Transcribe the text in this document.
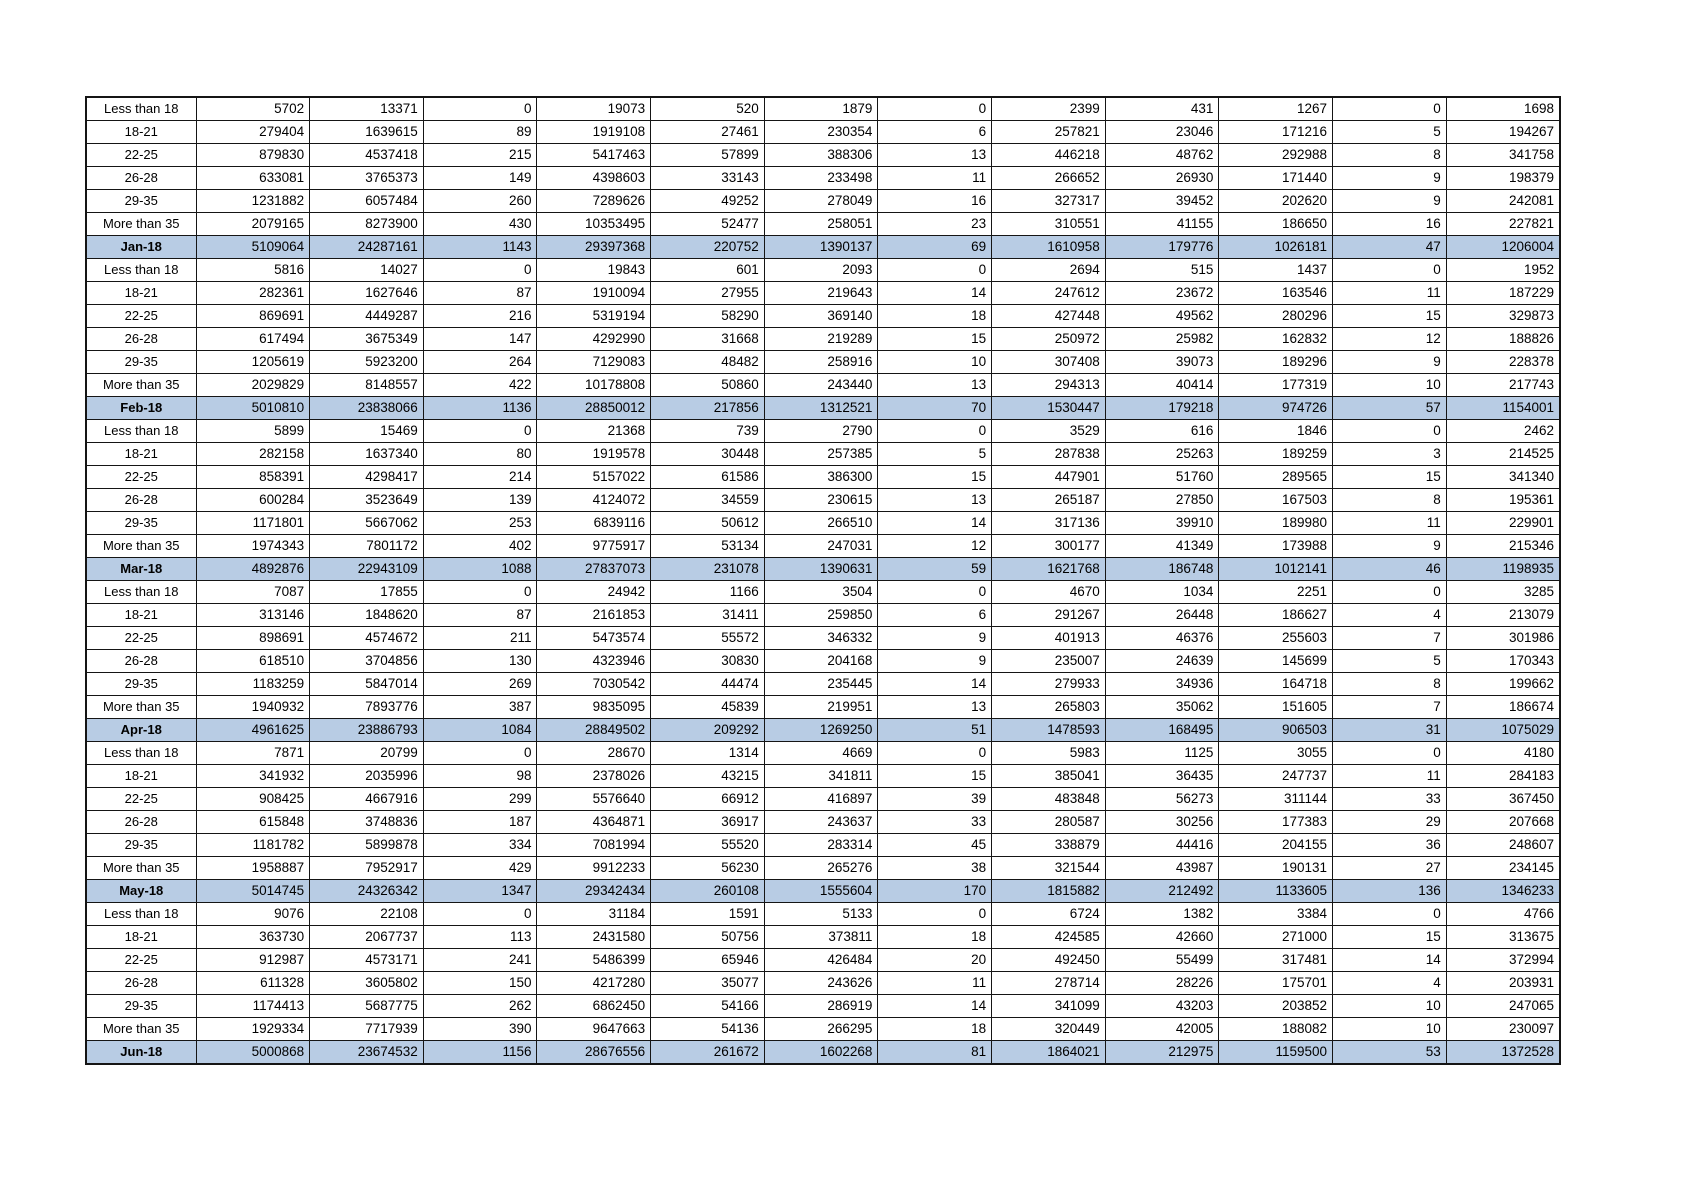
Less than 18	5702	13371	0	19073	520	1879	0	2399	431	1267	0	1698
18-21	279404	1639615	89	1919108	27461	230354	6	257821	23046	171216	5	194267
22-25	879830	4537418	215	5417463	57899	388306	13	446218	48762	292988	8	341758
26-28	633081	3765373	149	4398603	33143	233498	11	266652	26930	171440	9	198379
29-35	1231882	6057484	260	7289626	49252	278049	16	327317	39452	202620	9	242081
More than 35	2079165	8273900	430	10353495	52477	258051	23	310551	41155	186650	16	227821
Jan-18	5109064	24287161	1143	29397368	220752	1390137	69	1610958	179776	1026181	47	1206004
Less than 18	5816	14027	0	19843	601	2093	0	2694	515	1437	0	1952
18-21	282361	1627646	87	1910094	27955	219643	14	247612	23672	163546	11	187229
22-25	869691	4449287	216	5319194	58290	369140	18	427448	49562	280296	15	329873
26-28	617494	3675349	147	4292990	31668	219289	15	250972	25982	162832	12	188826
29-35	1205619	5923200	264	7129083	48482	258916	10	307408	39073	189296	9	228378
More than 35	2029829	8148557	422	10178808	50860	243440	13	294313	40414	177319	10	217743
Feb-18	5010810	23838066	1136	28850012	217856	1312521	70	1530447	179218	974726	57	1154001
Less than 18	5899	15469	0	21368	739	2790	0	3529	616	1846	0	2462
18-21	282158	1637340	80	1919578	30448	257385	5	287838	25263	189259	3	214525
22-25	858391	4298417	214	5157022	61586	386300	15	447901	51760	289565	15	341340
26-28	600284	3523649	139	4124072	34559	230615	13	265187	27850	167503	8	195361
29-35	1171801	5667062	253	6839116	50612	266510	14	317136	39910	189980	11	229901
More than 35	1974343	7801172	402	9775917	53134	247031	12	300177	41349	173988	9	215346
Mar-18	4892876	22943109	1088	27837073	231078	1390631	59	1621768	186748	1012141	46	1198935
Less than 18	7087	17855	0	24942	1166	3504	0	4670	1034	2251	0	3285
18-21	313146	1848620	87	2161853	31411	259850	6	291267	26448	186627	4	213079
22-25	898691	4574672	211	5473574	55572	346332	9	401913	46376	255603	7	301986
26-28	618510	3704856	130	4323946	30830	204168	9	235007	24639	145699	5	170343
29-35	1183259	5847014	269	7030542	44474	235445	14	279933	34936	164718	8	199662
More than 35	1940932	7893776	387	9835095	45839	219951	13	265803	35062	151605	7	186674
Apr-18	4961625	23886793	1084	28849502	209292	1269250	51	1478593	168495	906503	31	1075029
Less than 18	7871	20799	0	28670	1314	4669	0	5983	1125	3055	0	4180
18-21	341932	2035996	98	2378026	43215	341811	15	385041	36435	247737	11	284183
22-25	908425	4667916	299	5576640	66912	416897	39	483848	56273	311144	33	367450
26-28	615848	3748836	187	4364871	36917	243637	33	280587	30256	177383	29	207668
29-35	1181782	5899878	334	7081994	55520	283314	45	338879	44416	204155	36	248607
More than 35	1958887	7952917	429	9912233	56230	265276	38	321544	43987	190131	27	234145
May-18	5014745	24326342	1347	29342434	260108	1555604	170	1815882	212492	1133605	136	1346233
Less than 18	9076	22108	0	31184	1591	5133	0	6724	1382	3384	0	4766
18-21	363730	2067737	113	2431580	50756	373811	18	424585	42660	271000	15	313675
22-25	912987	4573171	241	5486399	65946	426484	20	492450	55499	317481	14	372994
26-28	611328	3605802	150	4217280	35077	243626	11	278714	28226	175701	4	203931
29-35	1174413	5687775	262	6862450	54166	286919	14	341099	43203	203852	10	247065
More than 35	1929334	7717939	390	9647663	54136	266295	18	320449	42005	188082	10	230097
Jun-18	5000868	23674532	1156	28676556	261672	1602268	81	1864021	212975	1159500	53	1372528
